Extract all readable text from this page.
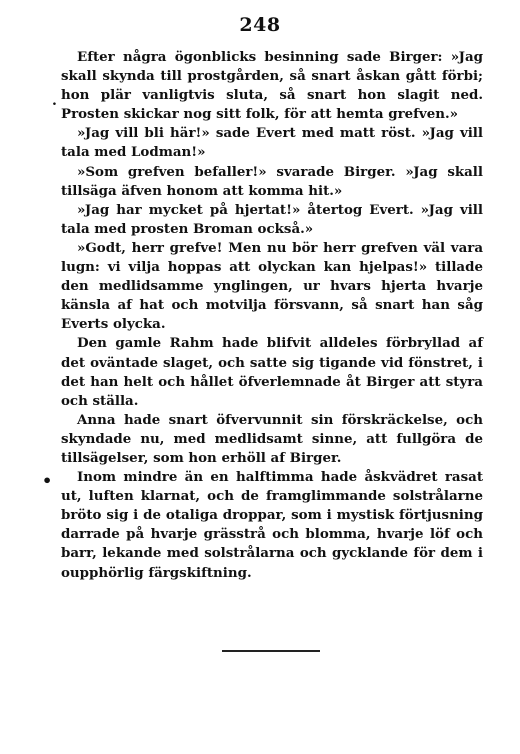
248

Efter några ögonblicks besinning sade Birger: »Jag skall skynda till prostgården, så snart åskan gått förbi; hon plär vanligtvis sluta, så snart hon slagit ned. Prosten skickar nog sitt folk, för att hemta grefven.»

»Jag vill bli här!» sade Evert med matt röst. »Jag vill tala med Lodman!»

»Som grefven befaller!» svarade Birger. »Jag skall tillsäga äfven honom att komma hit.»

»Jag har mycket på hjertat!» återtog Evert. »Jag vill tala med prosten Broman också.»

»Godt, herr grefve! Men nu bör herr grefven väl vara lugn: vi vilja hoppas att olyckan kan hjelpas!» tillade den medlidsamme ynglingen, ur hvars hjerta hvarje känsla af hat och motvilja försvann, så snart han såg Everts olycka.

Den gamle Rahm hade blifvit alldeles förbryllad af det oväntade slaget, och satte sig tigande vid fönstret, i det han helt och hållet öfverlemnade åt Birger att styra och ställa.

Anna hade snart öfvervunnit sin förskräckelse, och skyndade nu, med medlidsamt sinne, att fullgöra de tillsägelser, som hon erhöll af Birger.

Inom mindre än en halftimma hade åskvädret rasat ut, luften klarnat, och de framglimmande solstrålarne bröto sig i de otaliga droppar, som i mystisk förtjusning darrade på hvarje grässtrå och blomma, hvarje löf och barr, lekande med solstrålarna och gycklande för dem i oupphörlig färgskiftning.

.
•
